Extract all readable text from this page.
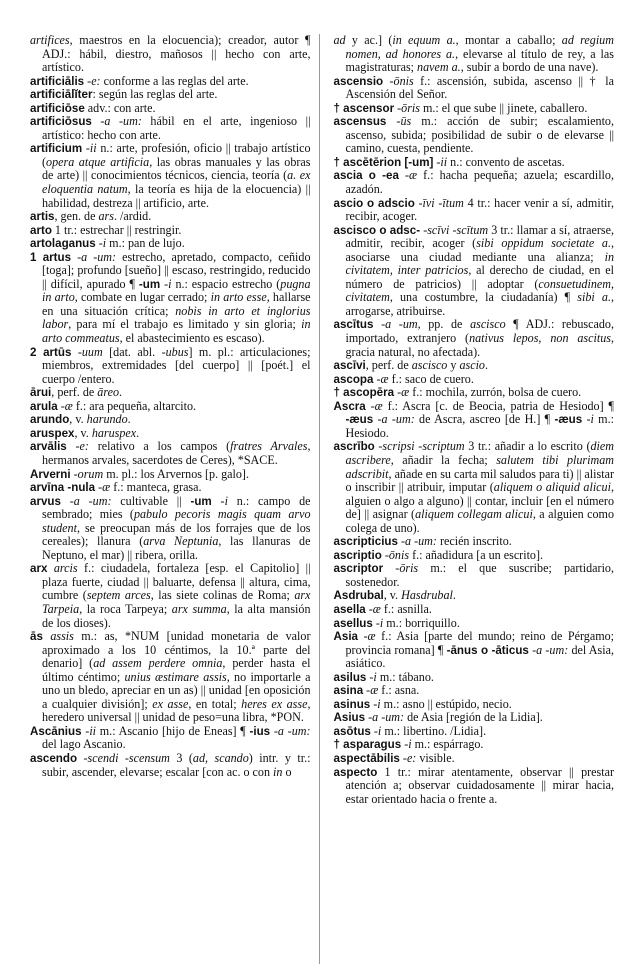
artifices, maestros en la elocuencia); creador, autor ¶ ADJ.: hábil, diestro, mañosos || hecho con arte, artístico.

artificiālis -e: conforme a las reglas del arte.

artificiālĭter: según las reglas del arte.

artificiōse adv.: con arte.

artificiōsus -a -um: hábil en el arte, ingenioso || artístico: hecho con arte.

artificium -ii n.: arte, profesión, oficio || trabajo artístico (opera atque artificia, las obras manuales y las obras de arte) || conocimientos técnicos, ciencia, teoría (a. ex eloquentia natum, la teoría es hija de la elocuencia) || habilidad, destreza || artificio, arte.

artis, gen. de ars. /ardid.

arto 1 tr.: estrechar || restringir.

artolaganus -i m.: pan de lujo.

1 artus -a -um: estrecho, apretado, compacto, ceñido [toga]; profundo [sueño] || escaso, restringido, reducido || difícil, apurado ¶ -um -i n.: espacio estrecho (pugna in arto, combate en lugar cerrado; in arto esse, hallarse en una situación crítica; nobis in arto et inglorius labor, para mí el trabajo es limitado y sin gloria; in arto commeatus, el abastecimiento es escaso).

2 artūs -uum [dat. abl. -ubus] m. pl.: articulaciones; miembros, extremidades [del cuerpo] || [poét.] el cuerpo /entero.

ārui, perf. de āreo.

arula -æ f.: ara pequeña, altarcito.

arundo, v. harundo.

aruspex, v. haruspex.

arvālis -e: relativo a los campos (fratres Arvales, hermanos arvales, sacerdotes de Ceres), *SACE.

Arverni -orum m. pl.: los Arvernos [p. galo].

arvīna -nula -æ f.: manteca, grasa.

arvus -a -um: cultivable || -um -i n.: campo de sembrado; mies (pabulo pecoris magis quam arvo student, se preocupan más de los forrajes que de los cereales); llanura (arva Neptunia, las llanuras de Neptuno, el mar) || ribera, orilla.

arx arcis f.: ciudadela, fortaleza [esp. el Capitolio] || plaza fuerte, ciudad || baluarte, defensa || altura, cima, cumbre (septem arces, las siete colinas de Roma; arx Tarpeia, la roca Tarpeya; arx summa, la alta mansión de los dioses).

ās assis m.: as, *NUM [unidad monetaria de valor aproximado a los 10 céntimos, la 10.ª parte del denario] (ad assem perdere omnia, perder hasta el último céntimo; unius æstimare assis, no importarle a uno un bledo, apreciar en un as) || unidad [en oposición a cualquier división]; ex asse, en total; heres ex asse, heredero universal || unidad de peso=una libra, *PON.

Ascānius -ii m.: Ascanio [hijo de Eneas] ¶ -ius -a -um: del lago Ascanio.

ascendo -scendi -scensum 3 (ad, scando) intr. y tr.: subir, ascender, elevarse; escalar [con ac. o con in o

ad y ac.] (in equum a., montar a caballo; ad regium nomen, ad honores a., elevarse al título de rey, a las magistraturas; navem a., subir a bordo de una nave).

ascensio -ōnis f.: ascensión, subida, ascenso || † la Ascensión del Señor.

† ascensor -ōris m.: el que sube || jinete, caballero.

ascensus -ūs m.: acción de subir; escalamiento, ascenso, subida; posibilidad de subir o de elevarse || camino, cuesta, pendiente.

† ascētērion [-um] -ii n.: convento de ascetas.

ascia o -ea -æ f.: hacha pequeña; azuela; escardillo, azadón.

ascio o adscio -īvi -ītum 4 tr.: hacer venir a sí, admitir, recibir, acoger.

ascisco o adsc- -scīvi -scītum 3 tr.: llamar a sí, atraerse, admitir, recibir, acoger (sibi oppidum societate a., asociarse una ciudad mediante una alianza; in civitatem, inter patricios, al derecho de ciudad, en el número de patricios) || adoptar (consuetudinem, civitatem, una costumbre, la ciudadanía) ¶ sibi a., arrogarse, atribuirse.

ascītus -a -um, pp. de ascisco ¶ ADJ.: rebuscado, importado, extranjero (nativus lepos, non ascitus, gracia natural, no afectada).

ascīvi, perf. de ascisco y ascio.

ascopa -æ f.: saco de cuero.

† ascopēra -æ f.: mochila, zurrón, bolsa de cuero.

Ascra -æ f.: Ascra [c. de Beocia, patria de Hesiodo] ¶ -æus -a -um: de Ascra, ascreo [de H.] ¶ -æus -i m.: Hesiodo.

ascrībo -scripsi -scriptum 3 tr.: añadir a lo escrito (diem ascribere, añadir la fecha; salutem tibi plurimam adscribit, añade en su carta mil saludos para ti) || alistar o inscribir || atribuir, imputar (aliquem o aliquid alicui, alguien o algo a alguno) || contar, incluir [en el número de] || asignar (aliquem collegam alicui, a alguien como colega de uno).

ascripticius -a -um: recién inscrito.

ascriptio -ōnis f.: añadidura [a un escrito].

ascriptor -ōris m.: el que suscribe; partidario, sostenedor.

Asdrubal, v. Hasdrubal.

asella -æ f.: asnilla.

asellus -i m.: borriquillo.

Asia -æ f.: Asia [parte del mundo; reino de Pérgamo; provincia romana] ¶ -ānus o -āticus -a -um: del Asia, asiático.

asilus -i m.: tábano.

asina -æ f.: asna.

asinus -i m.: asno || estúpido, necio.

Asius -a -um: de Asia [región de la Lidia].

asōtus -i m.: libertino. /Lidia].

† asparagus -i m.: espárrago.

aspectābilis -e: visible.

aspecto 1 tr.: mirar atentamente, observar || prestar atención a; observar cuidadosamente || mirar hacia, estar orientado hacia o frente a.
